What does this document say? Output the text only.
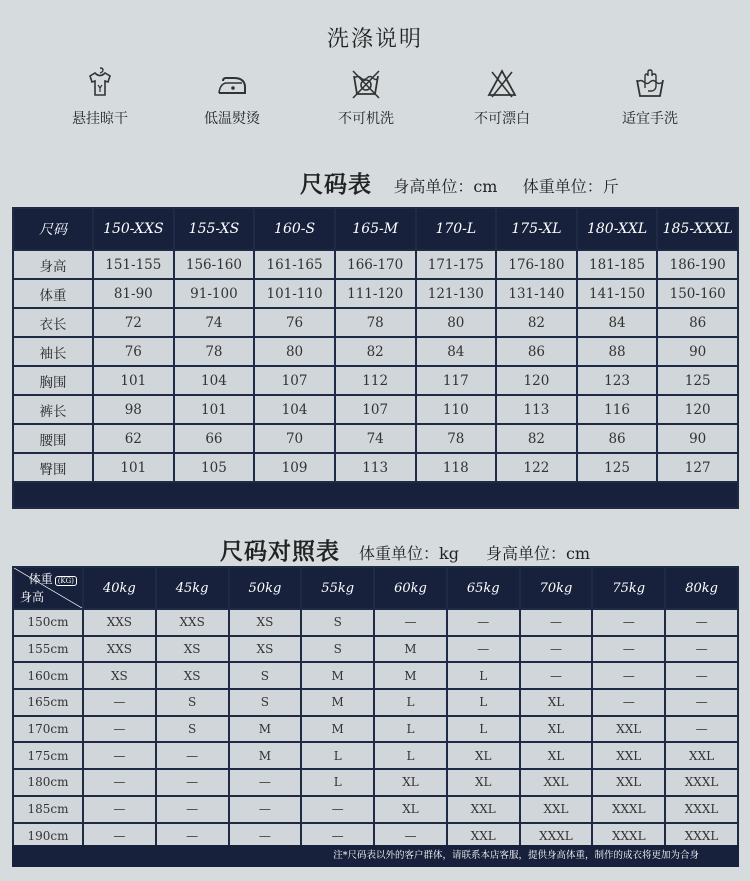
洗涤说明
悬挂晾干	低温熨烫	不可机洗	不可漂白	适宜手洗
尺码表 身高单位：cm 体重单位：斤
尺码	150-XXS	155-XS	160-S	165-M	170-L	175-XL	180-XXL	185-XXXL
身高	151-155	156-160	161-165	166-170	171-175	176-180	181-185	186-190
体重	81-90	91-100	101-110	111-120	121-130	131-140	141-150	150-160
衣长	72	74	76	78	80	82	84	86
袖长	76	78	80	82	84	86	88	90
胸围	101	104	107	112	117	120	123	125
裤长	98	101	104	107	110	113	116	120
腰围	62	66	70	74	78	82	86	90
臀围	101	105	109	113	118	122	125	127

尺码对照表 体重单位：kg 身高单位：cm
体重 (KG)
身高	40kg	45kg	50kg	55kg	60kg	65kg	70kg	75kg	80kg
150cm	XXS	XXS	XS	S	—	—	—	—	—
155cm	XXS	XS	XS	S	M	—	—	—	—
160cm	XS	XS	S	M	M	L	—	—	—
165cm	—	S	S	M	L	L	XL	—	—
170cm	—	S	M	M	L	L	XL	XXL	—
175cm	—	—	M	L	L	XL	XL	XXL	XXL
180cm	—	—	—	L	XL	XL	XXL	XXL	XXXL
185cm	—	—	—	—	XL	XXL	XXL	XXXL	XXXL
190cm	—	—	—	—	—	XXL	XXXL	XXXL	XXXL
注*尺码表以外的客户群体，请联系本店客服，提供身高体重，制作的成衣将更加为合身
